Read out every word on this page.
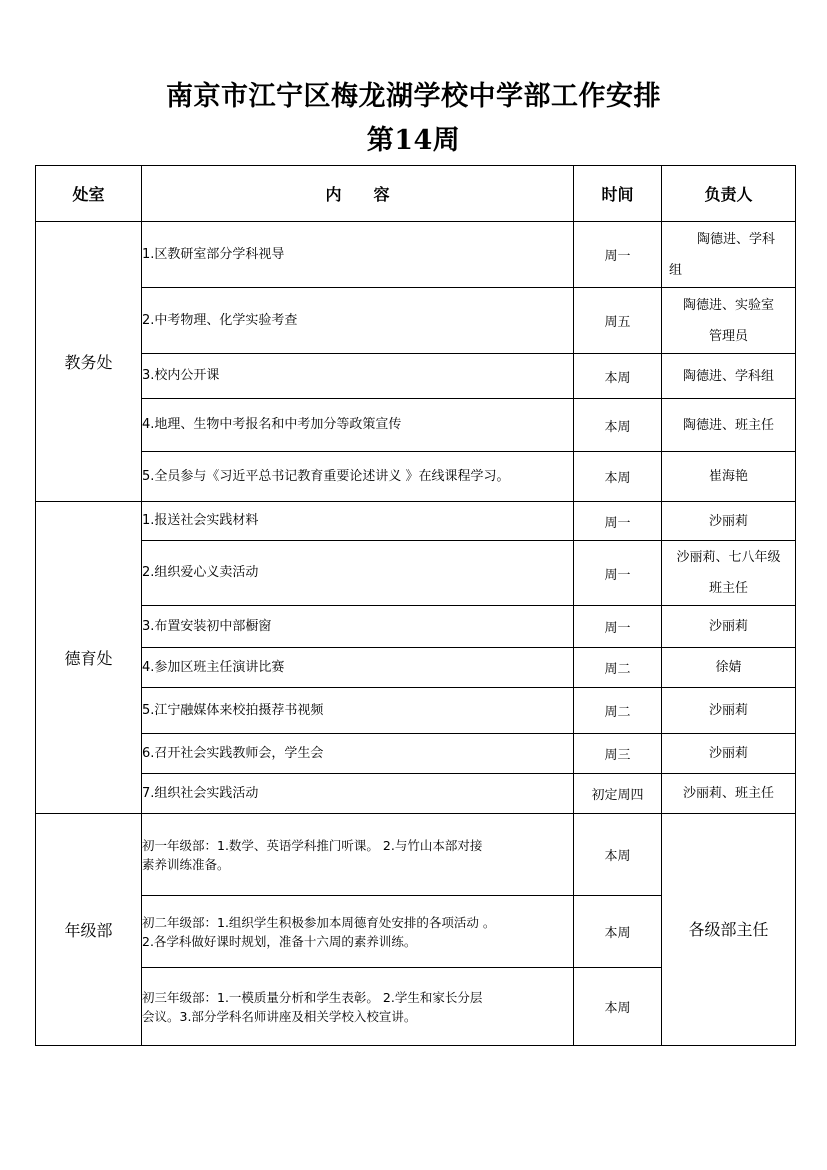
南京市江宁区梅龙湖学校中学部工作安排
第14周
处室	内　　容	时间	负责人
教务处	1.区教研室部分学科视导	周一	陶德进、学科
组
	2.中考物理、化学实验考查	周五	陶德进、实验室
管理员
	3.校内公开课	本周	陶德进、学科组
	4.地理、生物中考报名和中考加分等政策宣传	本周	陶德进、班主任
	5.全员参与《习近平总书记教育重要论述讲义 》在线课程学习。	本周	崔海艳
德育处	1.报送社会实践材料	周一	沙丽莉
	2.组织爱心义卖活动	周一	沙丽莉、七八年级
班主任
	3.布置安装初中部橱窗	周一	沙丽莉
	4.参加区班主任演讲比赛	周二	徐婧
	5.江宁融媒体来校拍摄荐书视频	周二	沙丽莉
	6.召开社会实践教师会，学生会	周三	沙丽莉
	7.组织社会实践活动	初定周四	沙丽莉、班主任
年级部	初一年级部：1.数学、英语学科推门听课。 2.与竹山本部对接
素养训练准备。	本周	各级部主任
	初二年级部：1.组织学生积极参加本周德育处安排的各项活动 。
2.各学科做好课时规划，准备十六周的素养训练。	本周	
	初三年级部：1.一模质量分析和学生表彰。 2.学生和家长分层
会议。3.部分学科名师讲座及相关学校入校宣讲。	本周	
